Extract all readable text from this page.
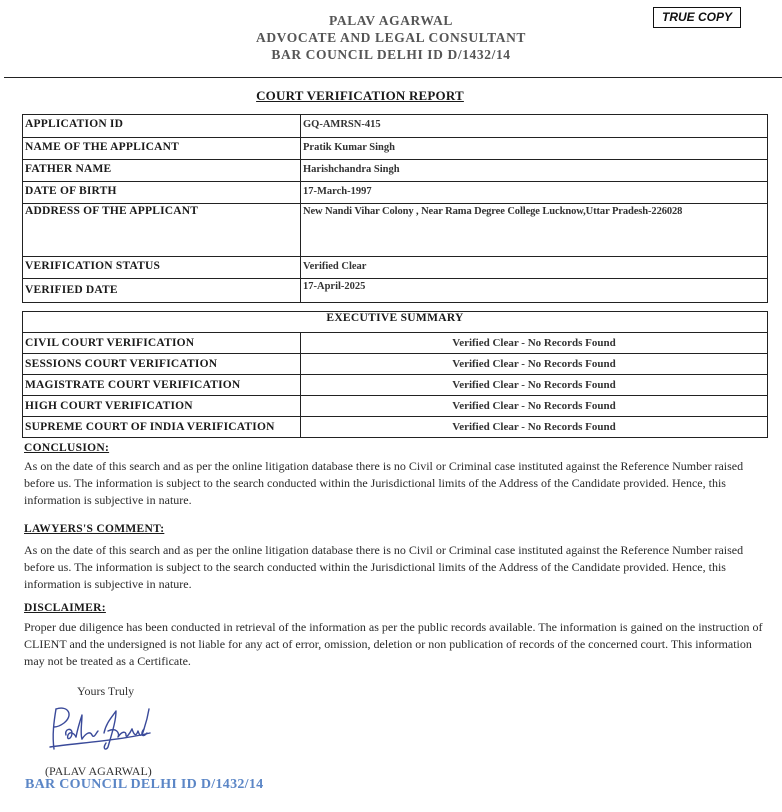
PALAV AGARWAL
ADVOCATE AND LEGAL CONSULTANT
BAR COUNCIL DELHI ID D/1432/14
TRUE COPY
COURT VERIFICATION REPORT
APPLICATION ID	GQ-AMRSN-415
NAME OF THE APPLICANT	Pratik Kumar Singh
FATHER NAME	Harishchandra Singh
DATE OF BIRTH	17-March-1997
ADDRESS OF THE APPLICANT	New Nandi Vihar Colony , Near Rama Degree College Lucknow,Uttar Pradesh-226028
VERIFICATION STATUS	Verified Clear
VERIFIED DATE	17-April-2025
EXECUTIVE SUMMARY	
CIVIL COURT VERIFICATION	Verified Clear - No Records Found
SESSIONS COURT VERIFICATION	Verified Clear - No Records Found
MAGISTRATE COURT VERIFICATION	Verified Clear - No Records Found
HIGH COURT VERIFICATION	Verified Clear - No Records Found
SUPREME COURT OF INDIA VERIFICATION	Verified Clear - No Records Found
CONCLUSION:
As on the date of this search and as per the online litigation database there is no Civil or Criminal case instituted against the Reference Number raised before us. The information is subject to the search conducted within the Jurisdictional limits of the Address of the Candidate provided. Hence, this information is subjective in nature.
LAWYERS'S COMMENT:
As on the date of this search and as per the online litigation database there is no Civil or Criminal case instituted against the Reference Number raised before us. The information is subject to the search conducted within the Jurisdictional limits of the Address of the Candidate provided. Hence, this information is subjective in nature.
DISCLAIMER:
Proper due diligence has been conducted in retrieval of the information as per the public records available. The information is gained on the instruction of CLIENT and the undersigned is not liable for any act of error, omission, deletion or non publication of records of the concerned court. This information may not be treated as a Certificate.
Yours Truly
(PALAV AGARWAL)
BAR COUNCIL DELHI ID D/1432/14
